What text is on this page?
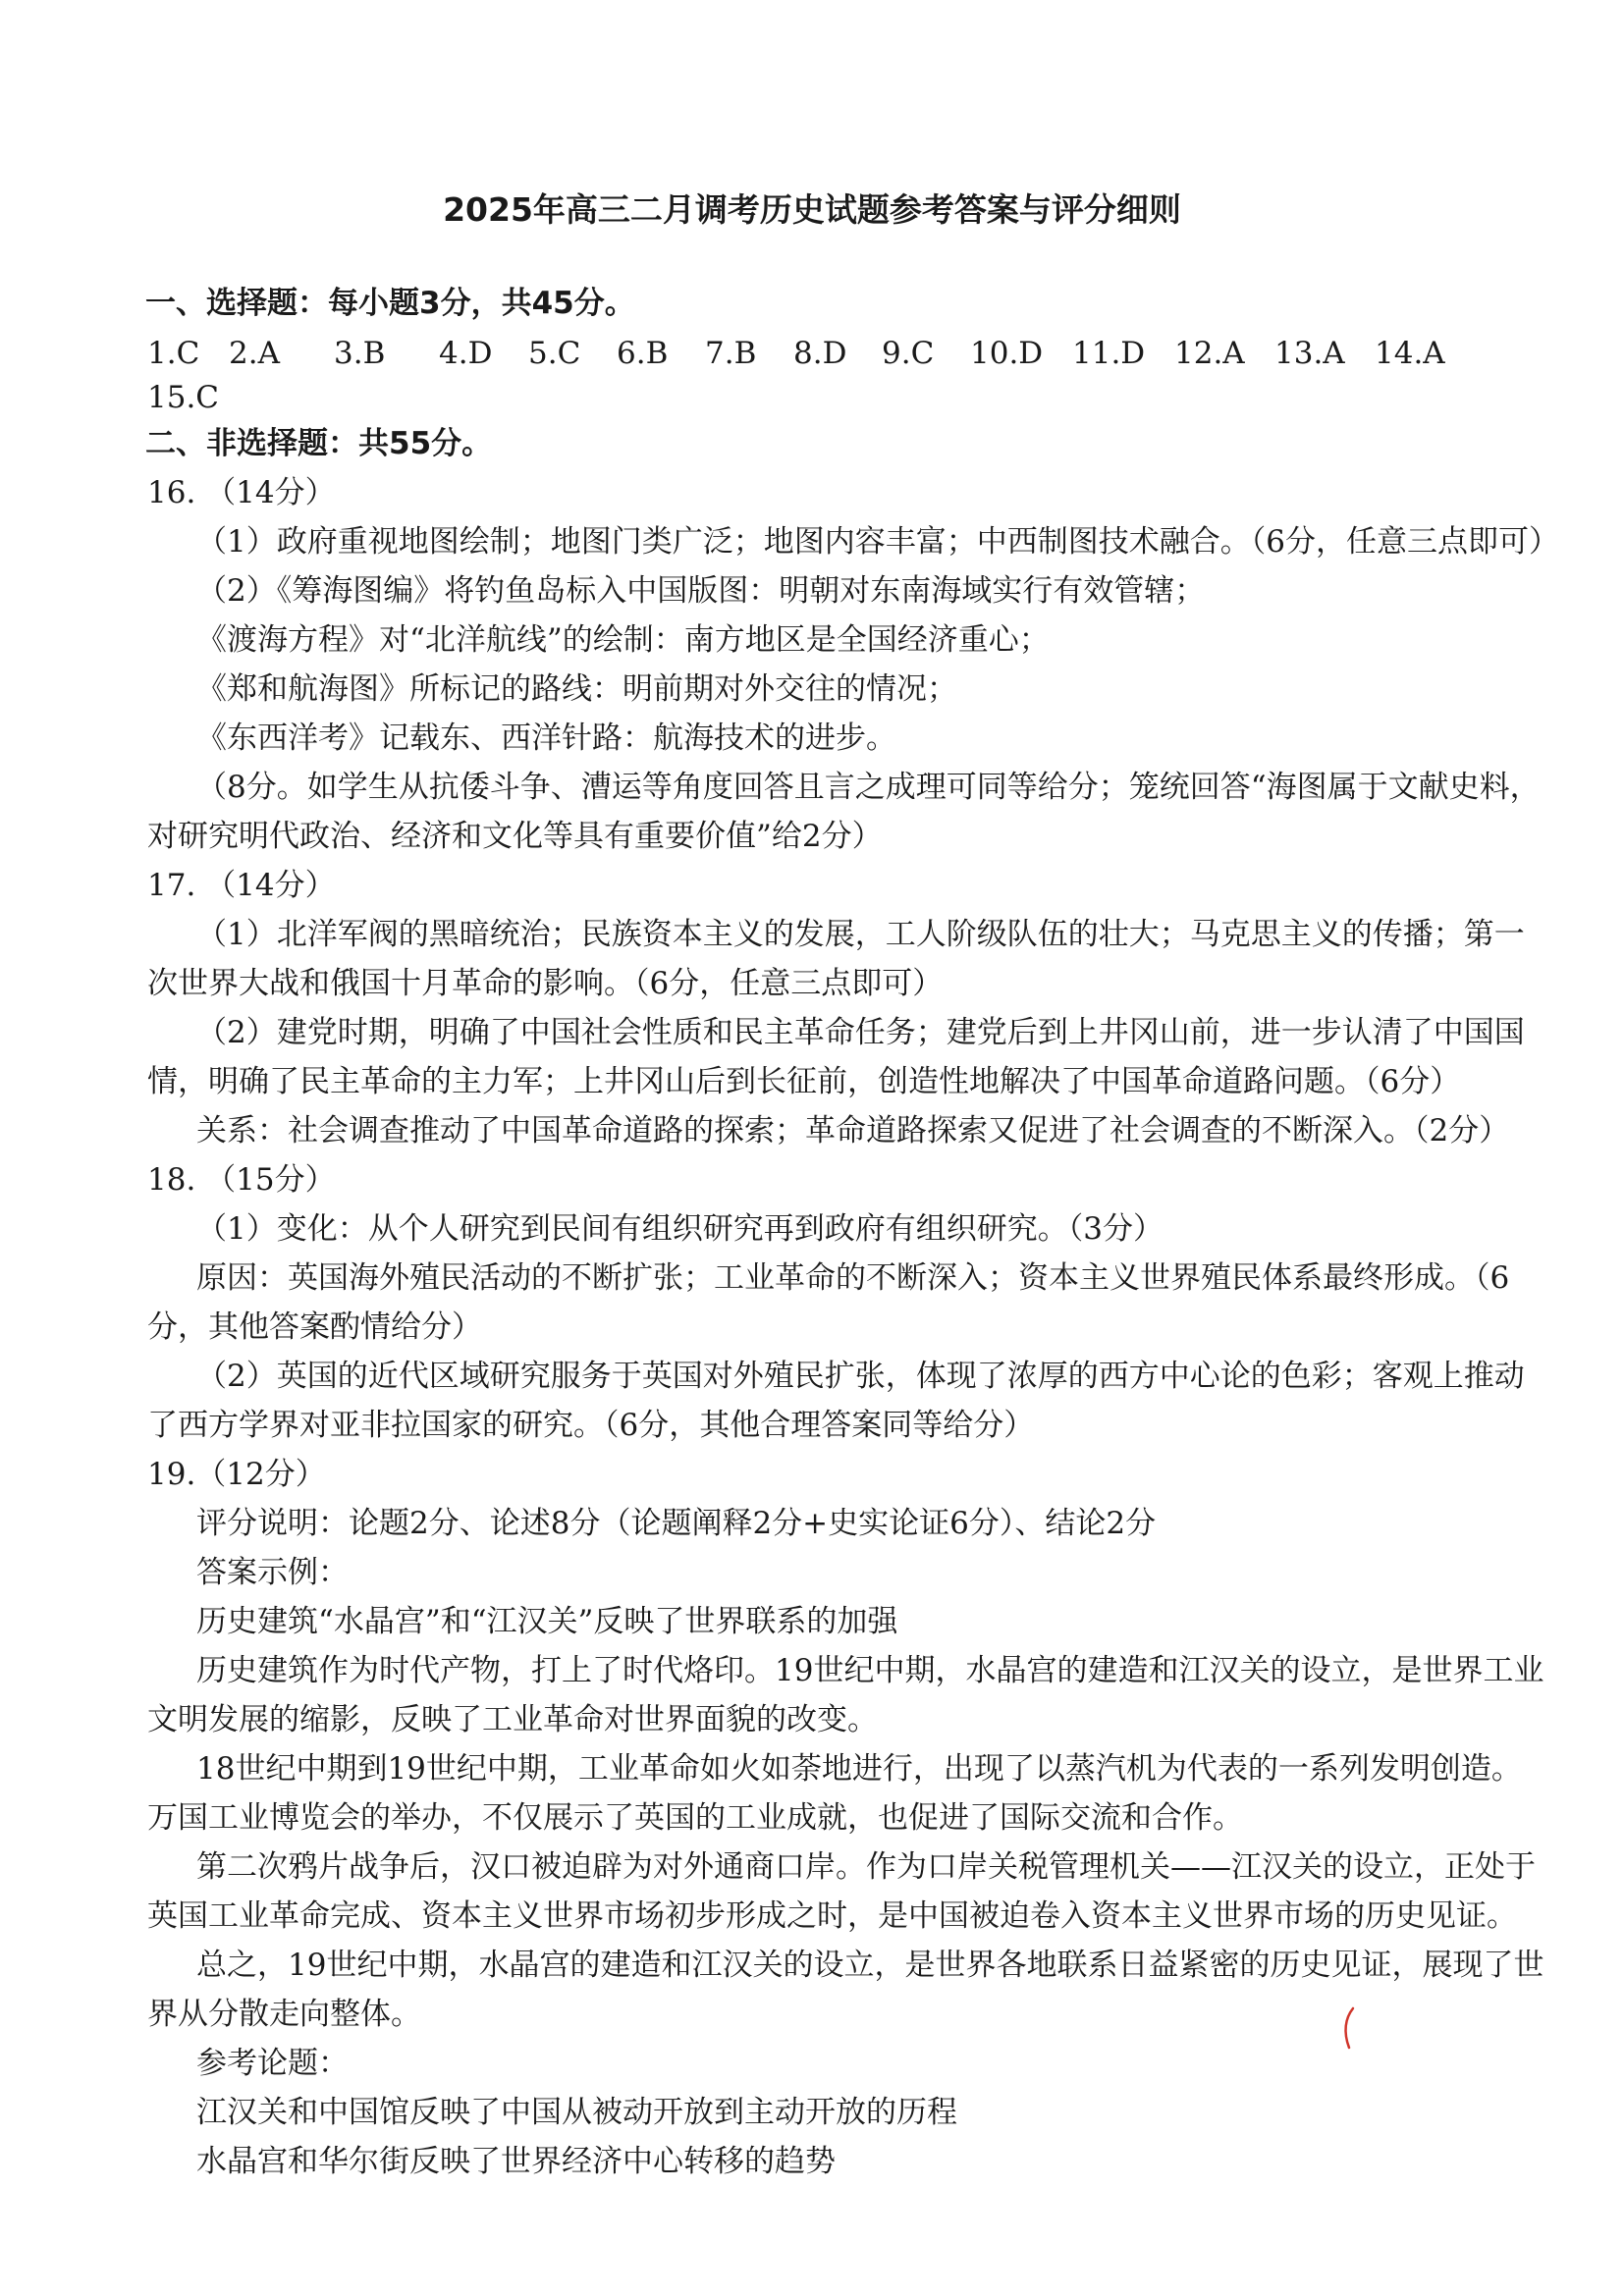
2025年高三二月调考历史试题参考答案与评分细则
一、选择题：每小题3分，共45分。
1.C 2.A 3.B 4.D 5.C 6.B 7.B 8.D 9.C 10.D 11.D 12.A 13.A 14.A
15.C
二、非选择题：共55分。
16. （14分）
（1）政府重视地图绘制；地图门类广泛；地图内容丰富；中西制图技术融合。（6分，任意三点即可）
（2）《筹海图编》将钓鱼岛标入中国版图：明朝对东南海域实行有效管辖；
《渡海方程》对“北洋航线”的绘制：南方地区是全国经济重心；
《郑和航海图》所标记的路线：明前期对外交往的情况；
《东西洋考》记载东、西洋针路：航海技术的进步。
（8分。如学生从抗倭斗争、漕运等角度回答且言之成理可同等给分；笼统回答“海图属于文献史料，
对研究明代政治、经济和文化等具有重要价值”给2分）
17. （14分）
（1）北洋军阀的黑暗统治；民族资本主义的发展，工人阶级队伍的壮大；马克思主义的传播；第一
次世界大战和俄国十月革命的影响。（6分，任意三点即可）
（2）建党时期，明确了中国社会性质和民主革命任务；建党后到上井冈山前，进一步认清了中国国
情，明确了民主革命的主力军；上井冈山后到长征前，创造性地解决了中国革命道路问题。（6分）
关系：社会调查推动了中国革命道路的探索；革命道路探索又促进了社会调查的不断深入。（2分）
18. （15分）
（1）变化：从个人研究到民间有组织研究再到政府有组织研究。（3分）
原因：英国海外殖民活动的不断扩张；工业革命的不断深入；资本主义世界殖民体系最终形成。（6
分，其他答案酌情给分）
（2）英国的近代区域研究服务于英国对外殖民扩张，体现了浓厚的西方中心论的色彩；客观上推动
了西方学界对亚非拉国家的研究。（6分，其他合理答案同等给分）
19.（12分）
评分说明：论题2分、论述8分（论题阐释2分+史实论证6分）、结论2分
答案示例：
历史建筑“水晶宫”和“江汉关”反映了世界联系的加强
历史建筑作为时代产物，打上了时代烙印。19世纪中期，水晶宫的建造和江汉关的设立，是世界工业
文明发展的缩影，反映了工业革命对世界面貌的改变。
18世纪中期到19世纪中期，工业革命如火如荼地进行，出现了以蒸汽机为代表的一系列发明创造。
万国工业博览会的举办，不仅展示了英国的工业成就，也促进了国际交流和合作。
第二次鸦片战争后，汉口被迫辟为对外通商口岸。作为口岸关税管理机关——江汉关的设立，正处于
英国工业革命完成、资本主义世界市场初步形成之时，是中国被迫卷入资本主义世界市场的历史见证。
总之，19世纪中期，水晶宫的建造和江汉关的设立，是世界各地联系日益紧密的历史见证，展现了世
界从分散走向整体。
参考论题：
江汉关和中国馆反映了中国从被动开放到主动开放的历程
水晶宫和华尔街反映了世界经济中心转移的趋势
